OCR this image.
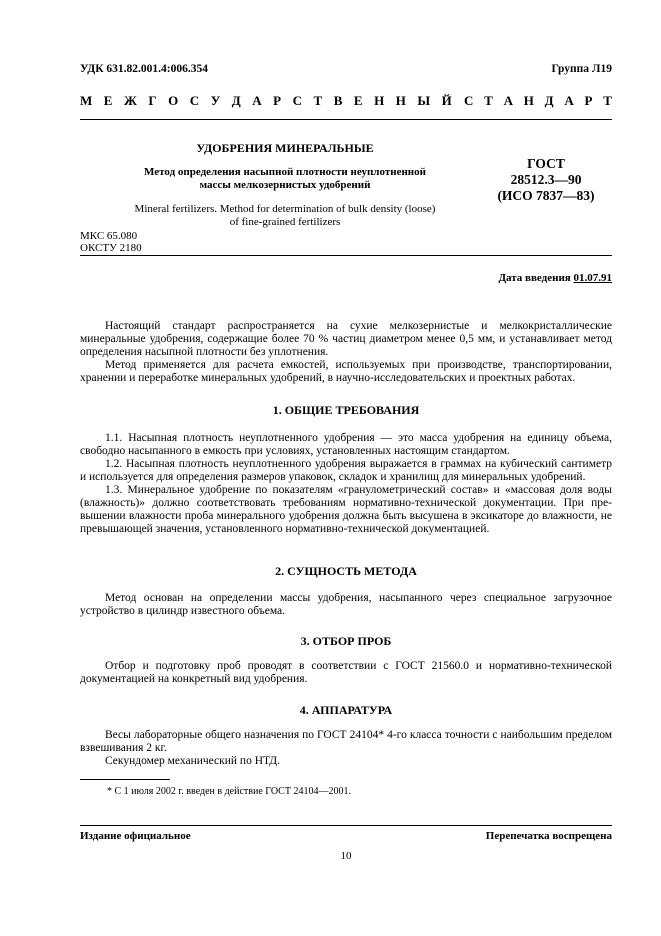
УДК 631.82.001.4:006.354	Группа Л19
М Е Ж Г О С У Д А Р С Т В Е Н Н Ы Й С Т А Н Д А Р Т
УДОБРЕНИЯ МИНЕРАЛЬНЫЕ
Метод определения насыпной плотности неуплотненной
массы мелкозернистых удобрений
Mineral fertilizers. Method for determination of bulk density (loose)
of fine-grained fertilizers
ГОСТ
28512.3—90
(ИСО 7837—83)
МКС 65.080
ОКСТУ 2180
Дата введения 01.07.91

Настоящий стандарт распространяется на сухие мелкозернистые и мелкокристаллические минеральные удобрения, содержащие более 70 % частиц диаметром менее 0,5 мм, и устанавливает метод определения насыпной плотности без уплотнения.

Метод применяется для расчета емкостей, используемых при производстве, транспортировании, хранении и переработке минеральных удобрений, в научно-исследовательских и проектных работах.

1. ОБЩИЕ ТРЕБОВАНИЯ

1.1. Насыпная плотность неуплотненного удобрения — это масса удобрения на единицу объема, свободно насыпанного в емкость при условиях, установленных настоящим стандартом.

1.2. Насыпная плотность неуплотненного удобрения выражается в граммах на кубический сантиметр и используется для определения размеров упаковок, складок и хранилищ для минеральных удобрений.

1.3. Минеральное удобрение по показателям «гранулометрический состав» и «массовая доля воды (влажность)» должно соответствовать требованиям нормативно-технической документации. При превышении влажности проба минерального удобрения должна быть высушена в эксикаторе до влажности, не превышающей значения, установленного нормативно-технической документацией.

2. СУЩНОСТЬ МЕТОДА

Метод основан на определении массы удобрения, насыпанного через специальное загрузочное устройство в цилиндр известного объема.

3. ОТБОР ПРОБ

Отбор и подготовку проб проводят в соответствии с ГОСТ 21560.0 и нормативно-технической документацией на конкретный вид удобрения.

4. АППАРАТУРА

Весы лабораторные общего назначения по ГОСТ 24104* 4-го класса точности с наибольшим пределом взвешивания 2 кг.

Секундомер механический по НТД.

* С 1 июля 2002 г. введен в действие ГОСТ 24104—2001.
Издание официальное	Перепечатка воспрещена
10
